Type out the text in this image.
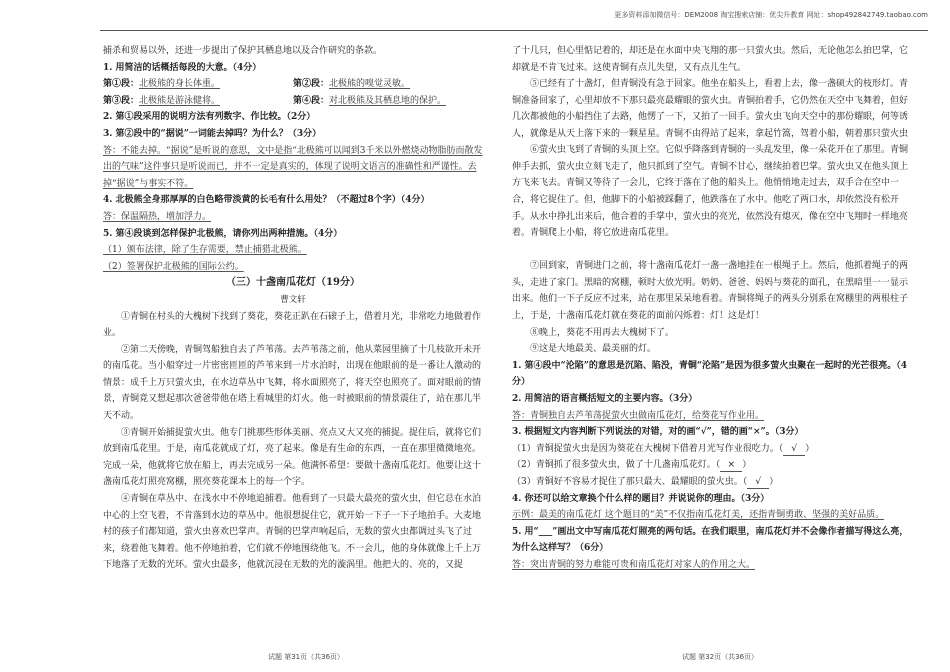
更多资料添加微信号：DEM2008 淘宝搜索店铺：优尖升教育 网址：shop492842749.taobao.com

捕杀和贸易以外，还进一步提出了保护其栖息地以及合作研究的条款。

1. 用简洁的话概括每段的大意。（4分）

第①段：北极熊的身长体重。	第②段：北极熊的嗅觉灵敏。
第③段：北极熊是游泳健将。	第④段：对北极熊及其栖息地的保护。

2. 第①段采用的说明方法有列数字、作比较。（2分）

3. 第②段中的“据说”一词能去掉吗？为什么？（3分）

答：不能去掉。“据说”是听说的意思，文中是指“北极熊可以闻到3千米以外燃烧动物脂肪而散发出的气味”这件事只是听说而已，并不一定是真实的，体现了说明文语言的准确性和严谨性。去掉“据说”与事实不符。

4. 北极熊全身那厚厚的白色略带淡黄的长毛有什么用处？（不超过8个字）（4分）

答：保温隔热，增加浮力。

5. 第④段谈到怎样保护北极熊，请你列出两种措施。（4分）

（1）颁布法律，除了生存需要，禁止捕猎北极熊。

（2）签署保护北极熊的国际公约。

（三）十盏南瓜花灯（19分）

曹文轩

①青铜在村头的大槐树下找到了葵花，葵花正趴在石磙子上，借着月光，非常吃力地做着作业。

②第二天傍晚，青铜驾船独自去了芦苇荡。去芦苇荡之前，他从菜园里摘了十几枝欲开未开的南瓜花。当小船穿过一片密密匝匝的芦苇来到一片水泊时，出现在他眼前的是一番让人激动的情景：成千上万只萤火虫，在水边草丛中飞舞，将水面照亮了，将天空也照亮了。面对眼前的情景，青铜竟又想起那次爸爸带他在塔上看城里的灯火。他一时被眼前的情景震住了，站在那儿半天不动。

③青铜开始捕捉萤火虫。他专门挑那些形体美丽、亮点又大又亮的捕捉。捉住后，就将它们放到南瓜花里。于是，南瓜花就成了灯，亮了起来。像是有生命的东西，一直在那里微微地亮。完成一朵，他就将它放在船上，再去完成另一朵。他满怀希望：要做十盏南瓜花灯。他要让这十盏南瓜花灯照亮窝棚，照亮葵花课本上的每一个字。

④青铜在草丛中、在浅水中不停地追捕着。他看到了一只最大最亮的萤火虫，但它总在水泊中心的上空飞着，不肯落到水边的草丛中。他很想捉住它，就开始一下子一下子地拍手。大麦地村的孩子们都知道，萤火虫喜欢巴掌声。青铜的巴掌声响起后，无数的萤火虫都调过头飞了过来，绕着他飞舞着。他不停地拍着，它们就不停地围绕他飞。不一会儿，他的身体就像上千上万

下地落了无数的光环。萤火虫最多，他就沉浸在无数的光的漩涡里。他把大的、亮的，又捉

试题 第31页（共36页）

了十几只，但心里惦记着的，却还是在水面中央飞翔的那一只萤火虫。然后，无论他怎么拍巴掌，它却就是不肯飞过来。这使青铜有点儿失望，又有点儿生气。

⑤已经有了十盏灯，但青铜没有急于回家。他坐在船头上，看着上去，像一盏硕大的枝形灯。青铜准备回家了，心里却放不下那只最亮最耀眼的萤火虫。青铜拍着手，它仍然在天空中飞舞着，但好几次都被他的小船挡住了去路，他愣了一下，又拍了一回手。萤火虫飞向天空中的那份耀眼，何等诱人，就像是从天上落下来的一颗星星。青铜不由得站了起来，拿起竹篙，驾着小船，朝着那只萤火虫

⑥萤火虫飞到了青铜的头顶上空。它似乎降落到青铜的一头乱发里，像一朵花开在了那里。青铜伸手去抓，萤火虫立刻飞走了，他只抓到了空气。青铜不甘心，继续拍着巴掌。萤火虫又在他头顶上方飞来飞去。青铜又等待了一会儿，它终于落在了他的船头上。他悄悄地走过去，双手合在空中一合，将它捉住了。但，他脚下的小船被踩翻了，他跌落在了水中。他吃了两口水，却依然没有松开手。从水中挣扎出来后，他合着的手掌中，萤火虫的亮光，依然没有熄灭，像在空中飞翔时一样地亮着。青铜爬上小船，将它放进南瓜花里。

⑦回到家，青铜进门之前，将十盏南瓜花灯一盏一盏地挂在一根绳子上。然后，他抓着绳子的两头，走进了家门。黑暗的窝棚，顿时大放光明。奶奶、爸爸、妈妈与葵花的面孔，在黑暗里一一显示出来。他们一下子反应不过来，站在那里呆呆地看着。青铜将绳子的两头分别系在窝棚里的两根柱子上，于是，十盏南瓜花灯就在葵花的面前闪烁着：灯！这是灯！

⑧晚上，葵花不用再去大槐树下了。

⑨这是大地最美、最美丽的灯。

1. 第④段中“沦陷”的意思是沉陷、陷没，青铜“沦陷”是因为很多萤火虫聚在一起时的光芒很亮。（4分）

2. 用简洁的语言概括短文的主要内容。（3分）

答：青铜独自去芦苇荡捉萤火虫做南瓜花灯，给葵花写作业用。

3. 根据短文内容判断下列说法的对错，对的画“√”，错的画“×”。（3分）

（1）青铜捉萤火虫是因为葵花在大槐树下借着月光写作业很吃力。（ √ ）

（2）青铜抓了很多萤火虫，做了十几盏南瓜花灯。（ × ）

（3）青铜好不容易才捉住了那只最大、最耀眼的萤火虫。（ √ ）

4. 你还可以给文章换个什么样的题目？并说说你的理由。（3分）

示例：最美的南瓜花灯 这个题目的“美”不仅指南瓜花灯美，还指青铜勇敢、坚强的美好品质。

5. 用“___”画出文中写南瓜花灯照亮的两句话。在我们眼里，南瓜花灯并不会像作者描写得这么亮，为什么这样写？（6分）

答：突出青铜的努力难能可贵和南瓜花灯对家人的作用之大。

试题 第32页（共36页）
